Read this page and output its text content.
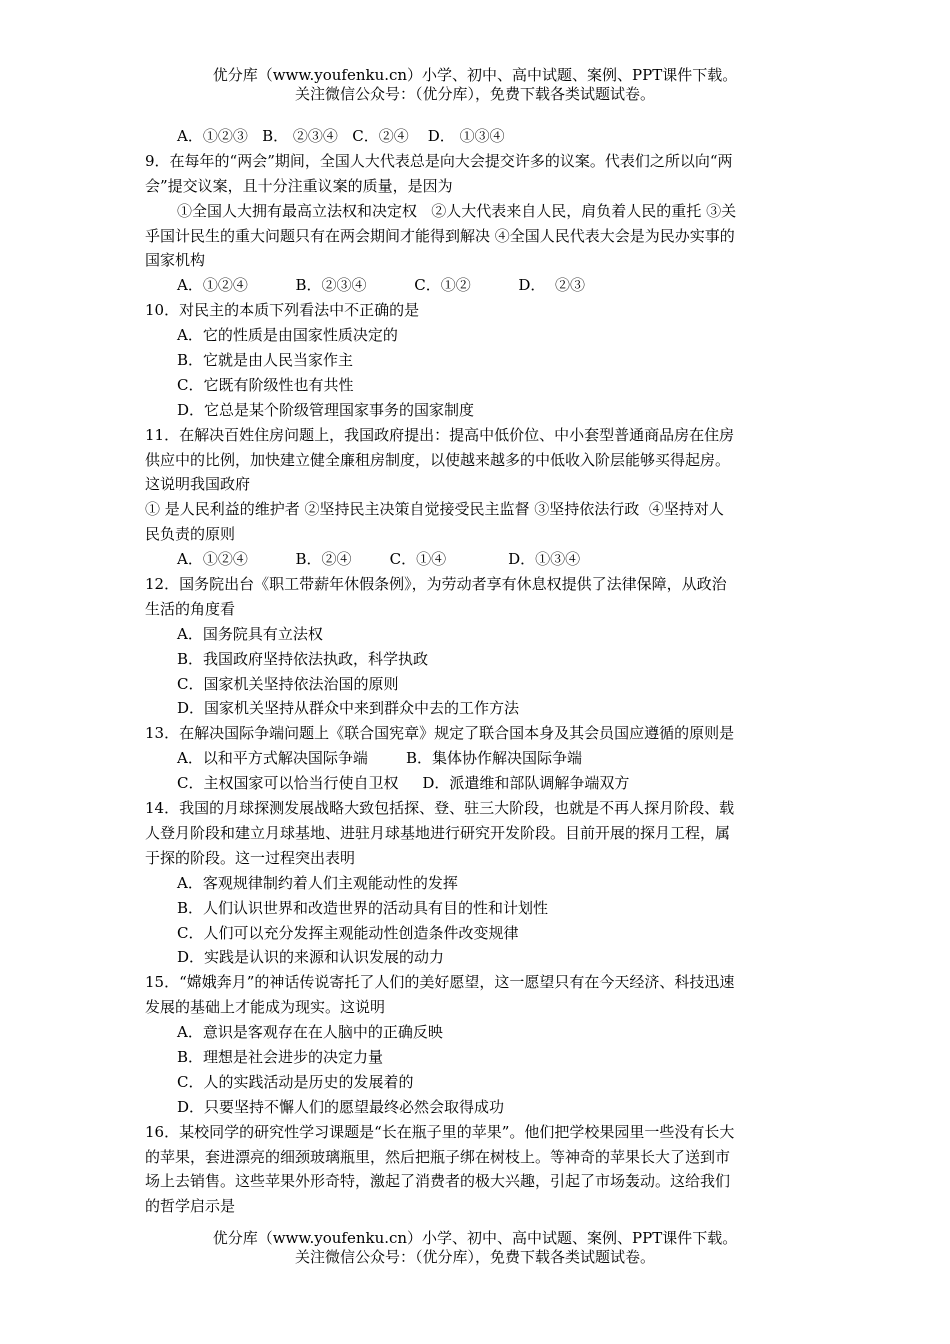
优分库（www.youfenku.cn）小学、初中、高中试题、案例、PPT课件下载。
关注微信公众号：（优分库），免费下载各类试题试卷。
A．①②③   B． ②③④   C．②④    D． ①③④
9．在每年的“两会”期间，全国人大代表总是向大会提交许多的议案。代表们之所以向“两
会”提交议案，且十分注重议案的质量，是因为
①全国人大拥有最高立法权和决定权   ②人大代表来自人民，肩负着人民的重托 ③关
乎国计民生的重大问题只有在两会期间才能得到解决 ④全国人民代表大会是为民办实事的
国家机构
A．①②④          B．②③④          C．①②          D．  ②③
10．对民主的本质下列看法中不正确的是
A．它的性质是由国家性质决定的
B．它就是由人民当家作主
C．它既有阶级性也有共性
D．它总是某个阶级管理国家事务的国家制度
11．在解决百姓住房问题上，我国政府提出：提高中低价位、中小套型普通商品房在住房
供应中的比例，加快建立健全廉租房制度，以使越来越多的中低收入阶层能够买得起房。
这说明我国政府
① 是人民利益的维护者 ②坚持民主决策自觉接受民主监督 ③坚持依法行政  ④坚持对人
民负责的原则
A．①②④          B．②④        C．①④             D．①③④
12．国务院出台《职工带薪年休假条例》，为劳动者享有休息权提供了法律保障，从政治
生活的角度看
A．国务院具有立法权
B．我国政府坚持依法执政，科学执政
C．国家机关坚持依法治国的原则
D．国家机关坚持从群众中来到群众中去的工作方法
13．在解决国际争端问题上《联合国宪章》规定了联合国本身及其会员国应遵循的原则是
A．以和平方式解决国际争端        B．集体协作解决国际争端
C．主权国家可以恰当行使自卫权     D．派遣维和部队调解争端双方
14．我国的月球探测发展战略大致包括探、登、驻三大阶段，也就是不再人探月阶段、载
人登月阶段和建立月球基地、进驻月球基地进行研究开发阶段。目前开展的探月工程，属
于探的阶段。这一过程突出表明
A．客观规律制约着人们主观能动性的发挥
B．人们认识世界和改造世界的活动具有目的性和计划性
C．人们可以充分发挥主观能动性创造条件改变规律
D．实践是认识的来源和认识发展的动力
15．“嫦娥奔月”的神话传说寄托了人们的美好愿望，这一愿望只有在今天经济、科技迅速
发展的基础上才能成为现实。这说明
A．意识是客观存在在人脑中的正确反映
B．理想是社会进步的决定力量
C．人的实践活动是历史的发展着的
D．只要坚持不懈人们的愿望最终必然会取得成功
16．某校同学的研究性学习课题是“长在瓶子里的苹果”。他们把学校果园里一些没有长大
的苹果，套进漂亮的细颈玻璃瓶里，然后把瓶子绑在树枝上。等神奇的苹果长大了送到市
场上去销售。这些苹果外形奇特，激起了消费者的极大兴趣，引起了市场轰动。这给我们
的哲学启示是
优分库（www.youfenku.cn）小学、初中、高中试题、案例、PPT课件下载。
关注微信公众号：（优分库），免费下载各类试题试卷。
